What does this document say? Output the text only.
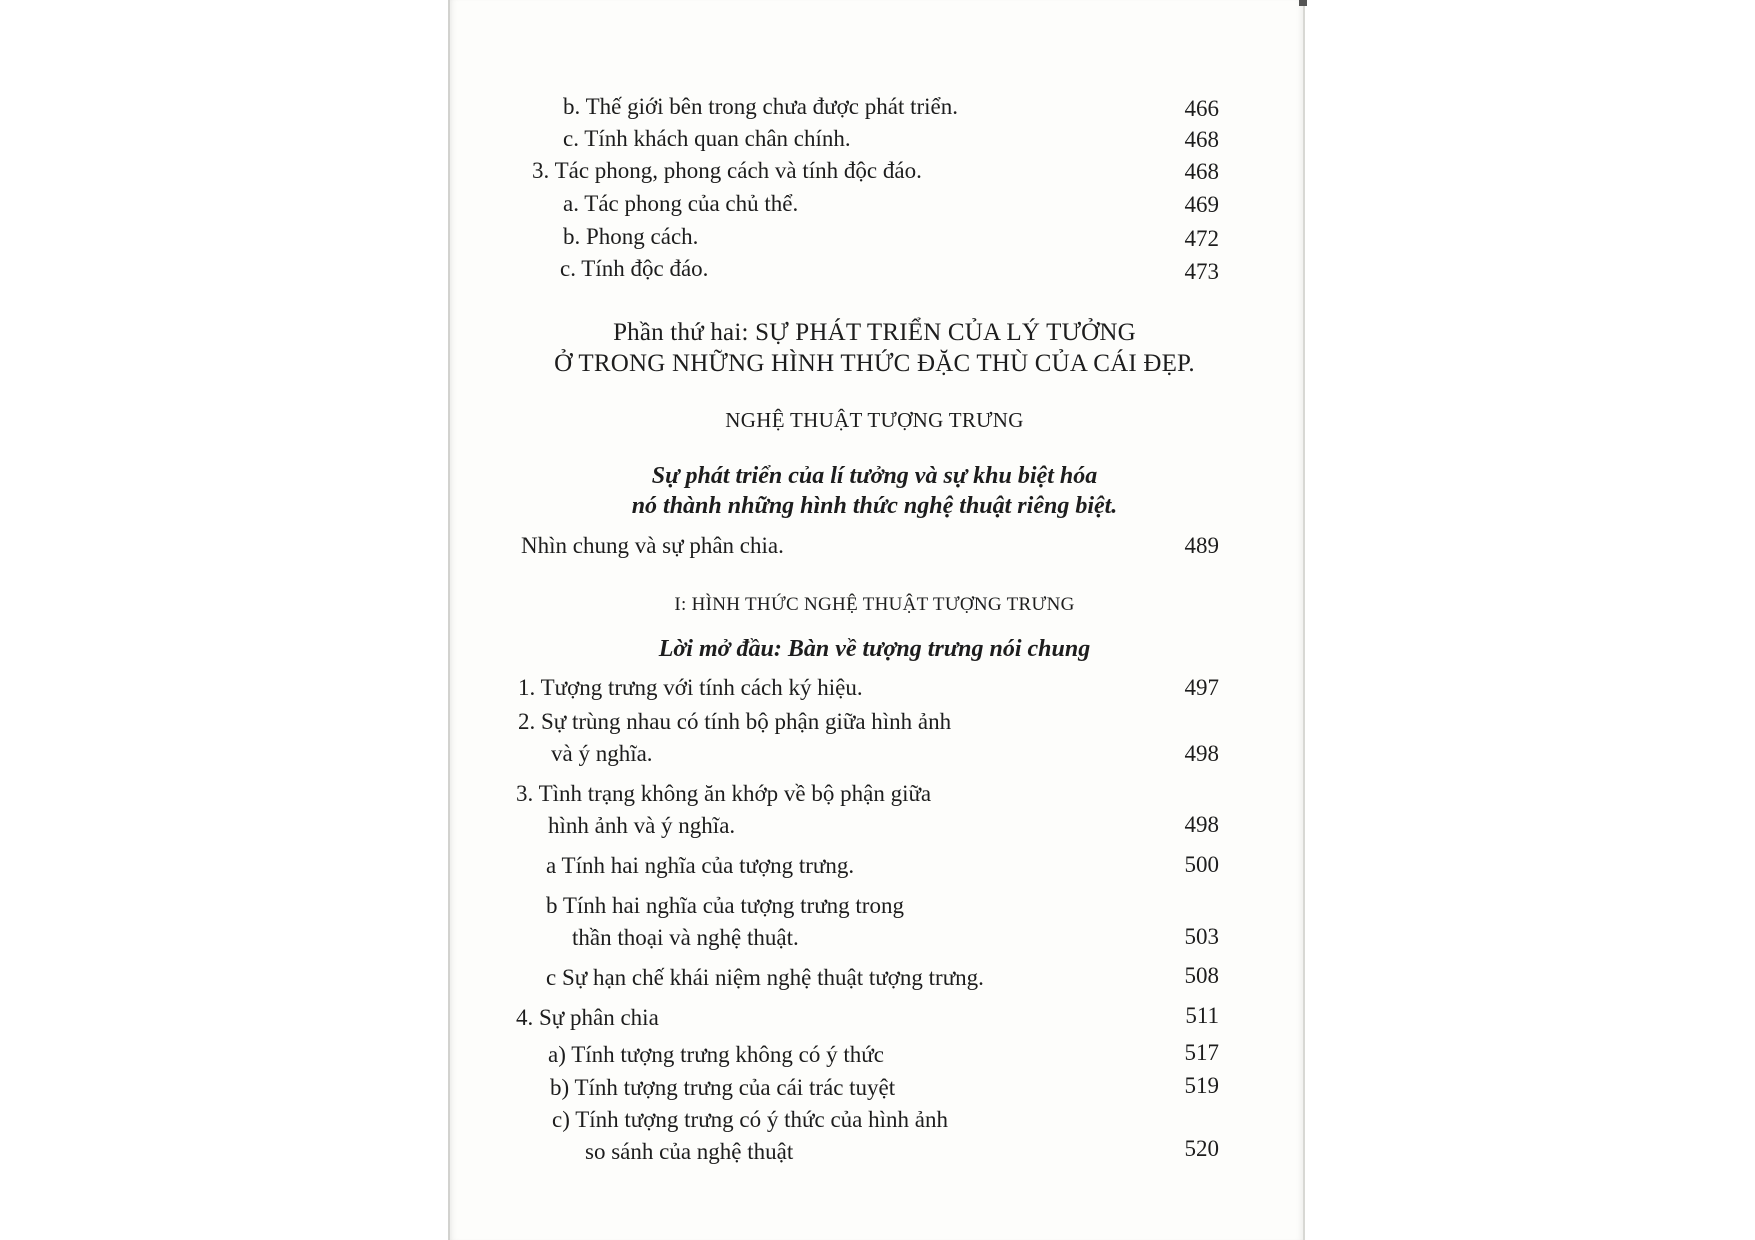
b. Thế giới bên trong chưa được phát triển.	466
c. Tính khách quan chân chính.	468
3. Tác phong, phong cách và tính độc đáo.	468
a. Tác phong của chủ thể.	469
b. Phong cách.	472
c. Tính độc đáo.	473
Phần thứ hai: SỰ PHÁT TRIỂN CỦA LÝ TƯỞNG
Ở TRONG NHỮNG HÌNH THỨC ĐẶC THÙ CỦA CÁI ĐẸP.
NGHỆ THUẬT TƯỢNG TRƯNG
Sự phát triển của lí tưởng và sự khu biệt hóa
nó thành những hình thức nghệ thuật riêng biệt.
Nhìn chung và sự phân chia.	489
I: HÌNH THỨC NGHỆ THUẬT TƯỢNG TRƯNG
Lời mở đầu: Bàn về tượng trưng nói chung
1. Tượng trưng với tính cách ký hiệu.	497
2. Sự trùng nhau có tính bộ phận giữa hình ảnh
và ý nghĩa.	498
3. Tình trạng không ăn khớp về bộ phận giữa
hình ảnh và ý nghĩa.	498
a Tính hai nghĩa của tượng trưng.	500
b Tính hai nghĩa của tượng trưng trong
thần thoại và nghệ thuật.	503
c Sự hạn chế khái niệm nghệ thuật tượng trưng.	508
4. Sự phân chia	511
a) Tính tượng trưng không có ý thức	517
b) Tính tượng trưng của cái trác tuyệt	519
c) Tính tượng trưng có ý thức của hình ảnh
so sánh của nghệ thuật	520
